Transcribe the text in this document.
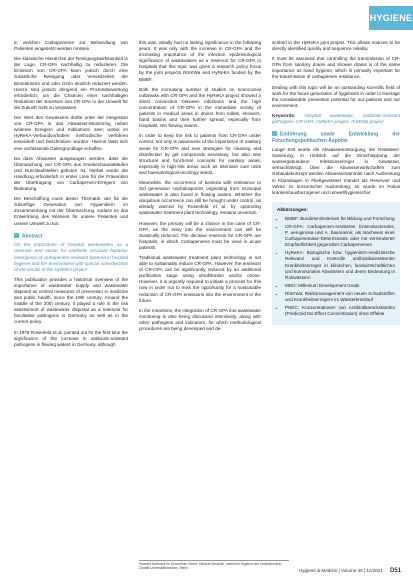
HYGIENE

in welchen Carbapeneme zur Behandlung von Patienten eingesetzt werden müssen.

Die klassische Hierarchie der Reinigungswirksamkeit in der Lage, CR-GPA nachhaltig zu reduzieren. Die Emission von CR-GPA kann jedoch durch eine zusätzliche Reinigung oder Verweilzeiten der Bioreaktoren und oder Ozon deutlich reduziert werden. Hierzu sind jedoch dringend ein Prozessbewertung erforderlich, um die Chancen einer nachhaltigen Reduktion der Emission von CR-GPA in der Umwelt für die Zukunft nicht zu verpassen.

Der Wert des Gewässers dürfte unter der Integration von CR-GPA in das Abwasser-Monitoring neben weiteren Erregern und Indikatoren sein; wobei im HyReKA-Verbundvorhaben methodische Verfahren entwickelt und beschrieben wurden. Hiermit lässt sich eine umfassende Datengrundlage schaffen.

Da dass Abwasser ausgewogen werden, dass die Überwachung von CR-GPA aus Krankenhausabläufen und Durchlaufstellen geboten ist, hierbei wurde die Handlung erforderlich in erster Linie für die Prävention der Übertragung von Carbapenem-Erregern von Bedeutung.

Die Beschaffung muss dieser Thematik, wie für die zukünftige Generation von Hygienikern im Zusammenhang mit der Überwachung, sodass es das Entwicklung des Wissens für unsere Patienten und unsere Umwelt zu tun.

Abstract

On the importance of hospital wastewaters as a reservoir and vector for antibiotic resistant bacteria: emergence of carbapenem-resistant bacteria in hospital hygiene and the environment with special consideration of the results of the HyReKA project

This publication provides a historical overview of the importance of wastewater supply and wastewater disposal as central measures of prevention in medicine and public health, since the 19th century. Around the middle of the 20th century, it played a role in the risk assessment of wastewater disposal as a reservoir for facultative pathogens in Germany as well as in the current policy.

In 1978 Rosenfeld et al. pointed out for the first time the significance of the increase in antibiotic-resistant pathogens in flowing waters in Germany, although

this was, initially had no lasting significance in the following years. It was only with the increase in CR-GPA and the increasing importance of the infection epidemiological significance of wastewaters as a reservoir for CR-GPA in hospitals that this topic was given a research policy focus by the joint projects RiSKWa and HyReKA funded by the BMBF.

Both the increasing number of studies on nosocomial outbreaks with CR-GPA and the HyReKA project showed a direct connection between infections and the high concentration of CR-GPA in the immediate vicinity of patients in medical areas in drains from toilets, showers, hand basins and their further spread, especially from hospitals, into flowing waters.

In order to keep the risk to patients from CR-GPA under control, not only is awareness of the importance of sanitary areas for CR-GPA and new strategies for cleaning and disinfection by gel compounds necessary, but also new structural and functional concepts for sanitary areas, especially in high-risk areas such as intensive care units and haematological-oncology wards.

Meanwhile, the occurrence of bacteria with resistance to 3rd generation cephalosporins originating from municipal wastewater is also found in flowing waters. Whether the ubiquitous occurrence can still be brought under control, as already warned by Rosenfeld et al. by optimizing wastewater treatment plant technology, remains uncertain.

However, the primary will be a chance in the case of CR-GPA, as the entry into the environment can still be drastically reduced. The decisive reservoir for CR-GPA are hospitals, in which Carbapenems must be used in acute patients.

Traditional wastewater treatment plant technology is not able to sustainably reduce CR-GPA. However, the emission of CR-GPA can be significantly reduced by an additional purification stage using ultrafiltration and/or ozone. However, it is urgently required to initiate a process for this now in order not to miss the opportunity for a sustainable reduction of CR-GPA emissions into the environment in the future.

In the meantime, the integration of CR-GPA into wastewater monitoring is also being discussed intensively, along with other pathogens and indicators, for which methodological procedures are being developed and de-

scribed in the HyReKA joint project. This allows sources to be directly identified quickly and sequence reliably.

It must be assumed that controlling the transmission of CR-GPA from sanitary drains and shower drains is of the same importance as hand hygiene, which is primarily important for the transmission of carbapenem resistance.

Dealing with this topic will be an outstanding scientific field of work for the future generation of hygienists in order to leverage the considerable prevention potential for our patients and our environment.

Keywords: Hospital wastewater, antibiotic-resistant pathogens, CR-GPA, HyReKA project, RiSKWa project

Einführung sowie Entwicklung der Forschungspolitischen Aspekte

Lange Zeit wurde die Abwasserentsorgung, die Gewässer-Sanierung, in Hinblick auf die Einschleppung der wassergebundene Infektionserreger in Gewässer, vernachlässigt. Über die Abwasserwirtschaften zum Gebäudekonzept werden Abwassersammler nach Ausbreitung in Kläranlagen in Fließgewässer mündet als Reservoir und Vektor zu kursorischer Ausbreitung; so wurde im Fokus krankenhausbezogener und umwelthygienischer

Abkürzungen:
• BMBF: Bundesministerium für Bildung und Forschung
• CR-GPA: Carbapenem-resistente Enterobacterales, P. aeruginosa und A. baumannii; als Nachweis einer Carbapenemase-Determinante oder mit verminderter Empfindlichkeit gegenüber Carbapenemen
• HyReKA: Biologische bzw. hygienisch-medizinische Relevanz und Kontrolle antibiotikaresistenter Krankheitserreger in klinischen, landwirtschaftlichen und kommunalen Abwässern und deren Bedeutung in Rohwässern
• MDG: Millenium Development Goals
• RiSKWa: Risikomanagement von neuen Schadstoffen und Krankheitserregern im Wasserkreislauf
• PNEC: Konzentrationen von Antibiotikarückständen (Predicted No Effect Concentration) ohne Effekte
Vivantes Netzwerk für Gesundheit GmbH, Klinikum Neukölln, Institut für Hygiene und Umweltmedizin, Charité Universitätsmedizin, Berlin
Hygiene & Medizin | Volume 46 | 11/2021 D51
